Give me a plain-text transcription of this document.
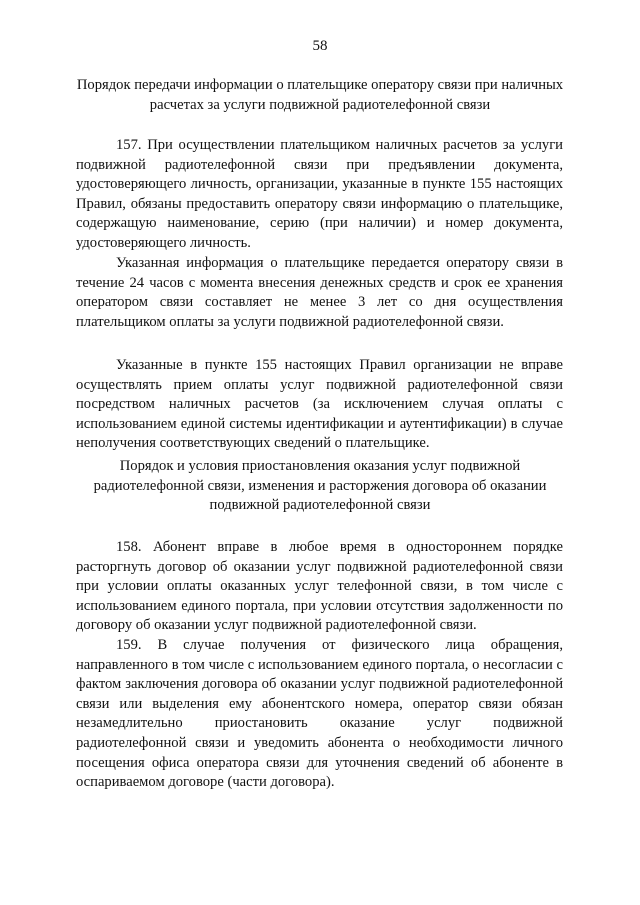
58
Порядок передачи информации о плательщике оператору связи при наличных расчетах за услуги подвижной радиотелефонной связи

157. При осуществлении плательщиком наличных расчетов за услуги подвижной радиотелефонной связи при предъявлении документа, удостоверяющего личность, организации, указанные в пункте 155 настоящих Правил, обязаны предоставить оператору связи информацию о плательщике, содержащую наименование, серию (при наличии) и номер документа, удостоверяющего личность.

Указанная информация о плательщике передается оператору связи в течение 24 часов с момента внесения денежных средств и срок ее хранения оператором связи составляет не менее 3 лет со дня осуществления плательщиком оплаты за услуги подвижной радиотелефонной связи.

Указанные в пункте 155 настоящих Правил организации не вправе осуществлять прием оплаты услуг подвижной радиотелефонной связи посредством наличных расчетов (за исключением случая оплаты с использованием единой системы идентификации и аутентификации) в случае неполучения соответствующих сведений о плательщике.

Порядок и условия приостановления оказания услуг подвижной радиотелефонной связи, изменения и расторжения договора об оказании подвижной радиотелефонной связи

158. Абонент вправе в любое время в одностороннем порядке расторгнуть договор об оказании услуг подвижной радиотелефонной связи при условии оплаты оказанных услуг телефонной связи, в том числе с использованием единого портала, при условии отсутствия задолженности по договору об оказании услуг подвижной радиотелефонной связи.

159. В случае получения от физического лица обращения, направленного в том числе с использованием единого портала, о несогласии с фактом заключения договора об оказании услуг подвижной радиотелефонной связи или выделения ему абонентского номера, оператор связи обязан незамедлительно приостановить оказание услуг подвижной радиотелефонной связи и уведомить абонента о необходимости личного посещения офиса оператора связи для уточнения сведений об абоненте в оспариваемом договоре (части договора).
